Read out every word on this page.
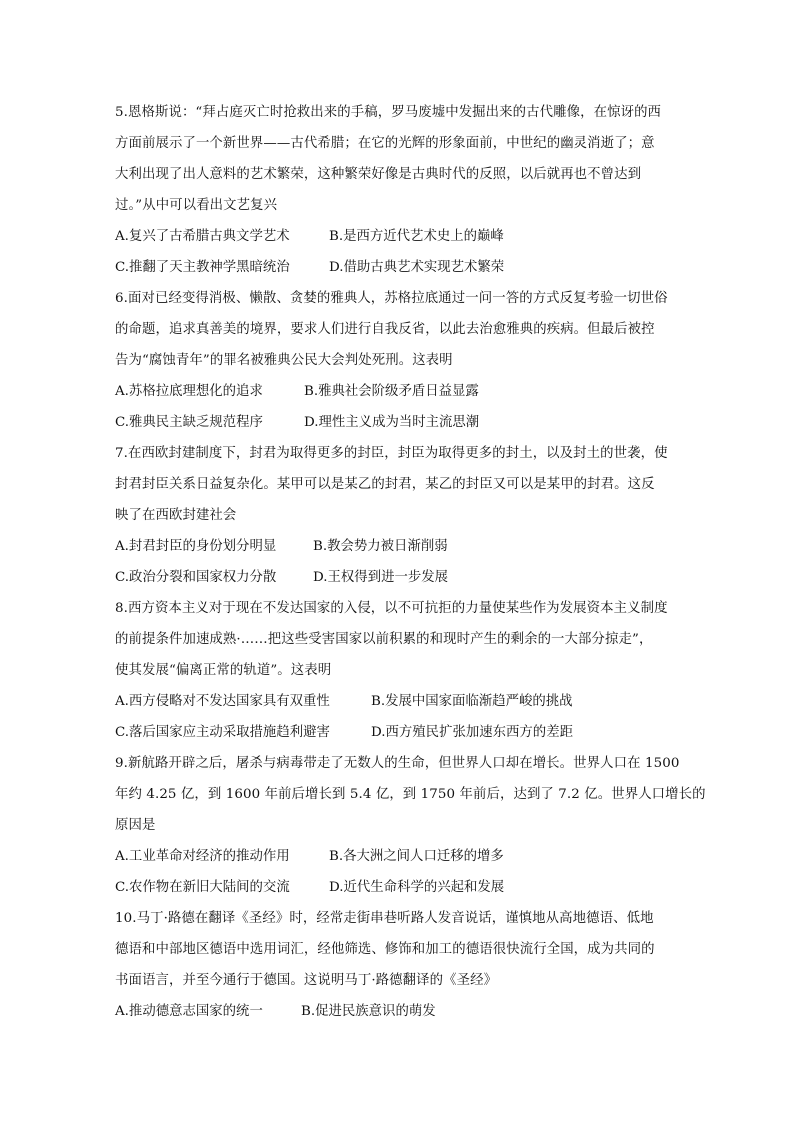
5.恩格斯说：“拜占庭灭亡时抢救出来的手稿，罗马废墟中发掘出来的古代雕像，在惊讶的西

方面前展示了一个新世界——古代希腊；在它的光辉的形象面前，中世纪的幽灵消逝了；意

大利出现了出人意料的艺术繁荣，这种繁荣好像是古典时代的反照，以后就再也不曾达到

过。”从中可以看出文艺复兴

A.复兴了古希腊古典文学艺术	B.是西方近代艺术史上的巅峰
C.推翻了天主教神学黑暗统治	D.借助古典艺术实现艺术繁荣

6.面对已经变得消极、懒散、贪婪的雅典人，苏格拉底通过一问一答的方式反复考验一切世俗

的命题，追求真善美的境界，要求人们进行自我反省，以此去治愈雅典的疾病。但最后被控

告为“腐蚀青年”的罪名被雅典公民大会判处死刑。这表明

A.苏格拉底理想化的追求	B.雅典社会阶级矛盾日益显露
C.雅典民主缺乏规范程序	D.理性主义成为当时主流思潮

7.在西欧封建制度下，封君为取得更多的封臣，封臣为取得更多的封土，以及封土的世袭，使

封君封臣关系日益复杂化。某甲可以是某乙的封君，某乙的封臣又可以是某甲的封君。这反

映了在西欧封建社会

A.封君封臣的身份划分明显	B.教会势力被日渐削弱
C.政治分裂和国家权力分散	D.王权得到进一步发展

8.西方资本主义对于现在不发达国家的入侵，以不可抗拒的力量使某些作为发展资本主义制度

的前提条件加速成熟·……把这些受害国家以前积累的和现时产生的剩余的一大部分掠走”，

使其发展“偏离正常的轨道”。这表明

A.西方侵略对不发达国家具有双重性	B.发展中国家面临渐趋严峻的挑战
C.落后国家应主动采取措施趋利避害	D.西方殖民扩张加速东西方的差距

9.新航路开辟之后，屠杀与病毒带走了无数人的生命，但世界人口却在增长。世界人口在 1500

年约 4.25 亿，到 1600 年前后增长到 5.4 亿，到 1750 年前后，达到了 7.2 亿。世界人口增长的

原因是

A.工业革命对经济的推动作用	B.各大洲之间人口迁移的增多
C.农作物在新旧大陆间的交流	D.近代生命科学的兴起和发展

10.马丁·路德在翻译《圣经》时，经常走街串巷听路人发音说话，谨慎地从高地德语、低地

德语和中部地区德语中选用词汇，经他筛选、修饰和加工的德语很快流行全国，成为共同的

书面语言，并至今通行于德国。这说明马丁·路德翻译的《圣经》

A.推动德意志国家的统一	B.促进民族意识的萌发
